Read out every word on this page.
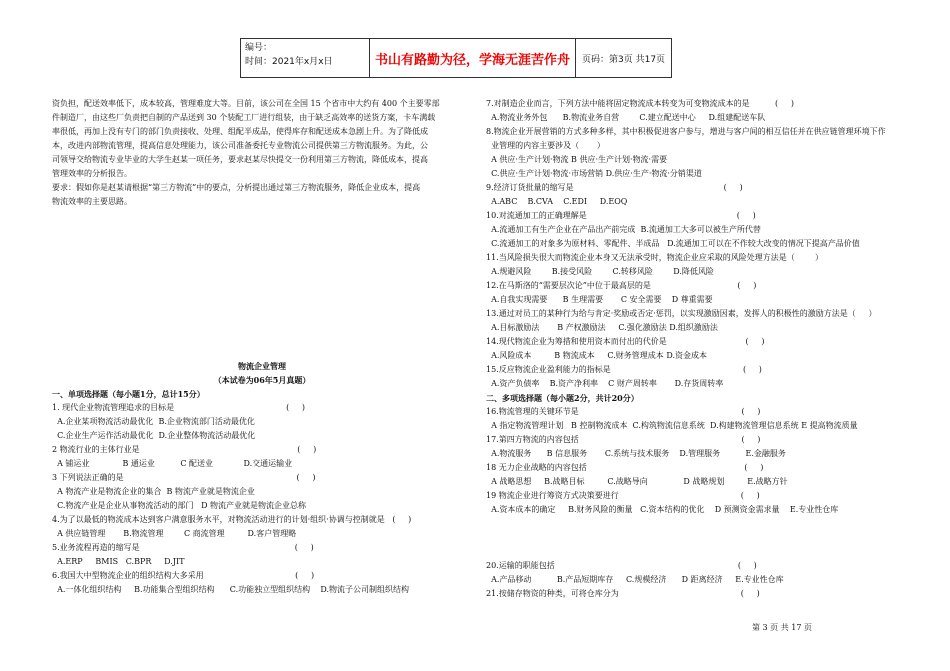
编号：
时间：2021年x月x日	书山有路勤为径，学海无涯苦作舟	页码：第3页 共17页

资负担，配送效率低下，成本较高，管理难度大等。目前，该公司在全国 15 个省市中大约有 400 个主要零部

件制造厂，由这些厂负责把自制的产品送到 30 个装配工厂进行组装，由于缺乏高效率的送货方案，卡车满载

率很低，再加上没有专门的部门负责接收、处理、组配半成品，使得库存和配送成本急剧上升。为了降低成

本，改进内部物流管理，提高信息处理能力，该公司准备委托专业物流公司提供第三方物流服务。为此，公

司领导交给物流专业毕业的大学生赵某一项任务，要求赵某尽快提交一份利用第三方物流，降低成本，提高

管理效率的分析报告。

要求：假如你是赵某请根据“第三方物流”中的要点，分析提出通过第三方物流服务，降低企业成本，提高

物流效率的主要思路。

物流企业管理

（本试卷为06年5月真题）

一、单项选择题（每小题1分，总计15分）

1. 现代企业物流管理追求的目标是                                            (     )

A.企业某项物流活动最优化  B.企业物流部门活动最优化

C.企业生产运作活动最优化  D.企业整体物流活动最优化

2 物流行业的主体行业是                                                              (     )

A 铺运业             B 通运业          C 配送业            D.交通运输业

3 下列说法正确的是                                                                    (     )

A 物流产业是物流企业的集合  B 物流产业就是物流企业

C.物流产业是企业从事物流活动的部门   D 物流产业就是物流企业总称

4.为了以最低的物流成本达到客户满意服务水平，对物流活动进行的计划·组织·协调与控制就是   (     )

A 供应链管理       B.物流管理        C 商流管理         D.客户管理略

5.业务流程再造的缩写是                                                             (     )

A.ERP     BMIS   C.BPR     D.JIT

6.我国大中型物流企业的组织结构大多采用                                    (     )

A.一体化组织结构     B.功能集合型组织结构      C.功能独立型组织结构    D.物流子公司制组织结构

7.对制造企业而言，下列方法中能将固定物流成本转变为可变物流成本的是          (     )

A.物流业务外包      B.物流业务自营        C.建立配送中心     D.组建配送车队

8.物流企业开展营销的方式多种多样，其中积极促进客户参与，增进与客户间的相互信任并在供应链管理环境下作

业管理的内容主要涉及（       ）

A 供应·生产计划·物流 B 供应·生产计划·物流·需要

C.供应·生产计划·物流·市场营销 D.供应·生产·物流·分销渠道

9.经济订货批量的缩写是                                                           (     )

A.ABC    B.CVA    C.EDI     D.EOQ

10.对流通加工的正确理解是                                                           (     )

A.流通加工有生产企业在产品出产前完成  B.流通加工大多可以被生产所代替

C.流通加工的对象多为原材料、零配件、半成品   D.流通加工可以在不作较大改变的情况下提高产品价值

11.当风险损失很大而物流企业本身又无法承受时，物流企业应采取的风险处理方法是（        ）

A.规避风险        B.接受风险        C.转移风险        D.降低风险

12.在马斯洛的“需要层次论”中位于最高层的是                                  (     )

A.自我实现需要      B 生理需要       C 安全需要    D 尊重需要

13.通过对员工的某种行为给与肯定·奖励或否定·惩罚，以实现激励因素，发挥人的积极性的激励方法是（     ）

A.目标激励法       B 产权激励法     C.强化激励法 D.组织激励法

14.现代物流企业为筹措和使用资本而付出的代价是                               (     )

A.风险成本         B 物流成本     C.财务管理成本 D.资金成本

15.反应物流企业盈利能力的指标是                                                    (     )

A.资产负债率    B.资产净利率    C 财产周转率       D.存货周转率

二、多项选择题（每小题2分，共计20分）

16.物流管理的关键环节是                                                                (     )

A 指定物流管理计划   B 控制物流成本  C.构筑物流信息系统  D.构建物流管理信息系统 E 提高物流质量

17.第四方物流的内容包括                                                                (     )

A.物流服务      B 信息服务       C.系统与技术服务    D.管理服务          E.金融服务

18 无力企业战略的内容包括                                                              (     )

A 战略思想     B.战略目标         C.战略导向              D 战略规划         E.战略方针

19 物流企业进行筹资方式决策要进行                                                (     )

A.资本成本的确定     B.财务风险的衡量   C.资本结构的优化    D 预测资金需求量    E.专业性仓库

20.运输的职能包括                                                                        (     )

A.产品移动          B.产品短期库存     C.规模经济      D 距离经济     E.专业性仓库

21.按储存物资的种类，可将仓库分为                                                (     )

第 3 页 共 17 页
